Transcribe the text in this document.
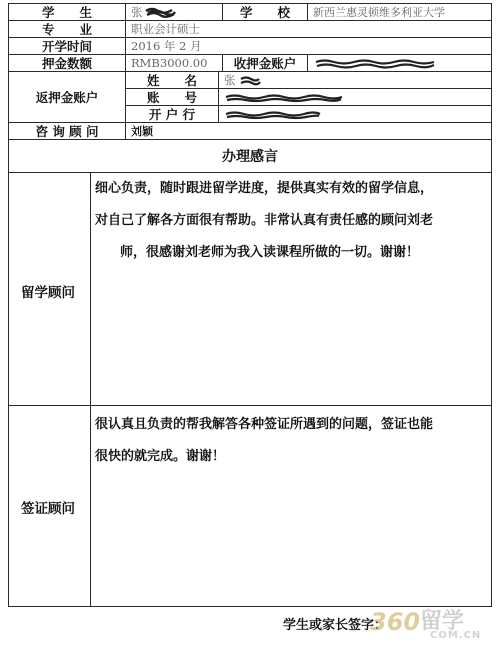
学　　生	张	学　　校	新西兰惠灵顿维多利亚大学
专　　业	职业会计硕士
开学时间	2016 年 2 月
押金数额	RMB3000.00	收押金账户
返押金账户
姓　　名	张
账　　号
开 户 行
咨 询 顾 问	刘颖
办理感言
留学顾问
细心负责，随时跟进留学进度，提供真实有效的留学信息，
对自己了解各方面很有帮助。非常认真有责任感的顾问刘老
师，很感谢刘老师为我入读课程所做的一切。谢谢！
签证顾问
很认真且负责的帮我解答各种签证所遇到的问题，签证也能
很快的就完成。谢谢！
学生或家长签字：
360 留学
COM.CN
